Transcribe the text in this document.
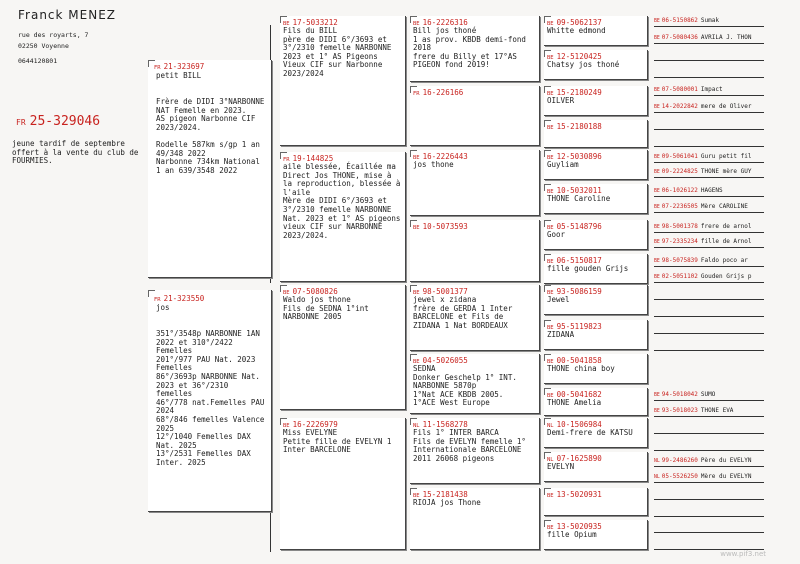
Franck MENEZ
rue des royarts, 7
02250 Voyenne
0644120801
FR 25-329046
jeune tardif de septembre
offert à la vente du club de
FOURMIES.
FR 21-323697
petit BILL
Frère de DIDI 3°NARBONNE
NAT Femelle en 2023.
AS pigeon Narbonne CIF
2023/2024.

Rodelle 587km s/gp 1 an
49/348 2022
Narbonne 734km National
1 an 639/3548 2022
FR 21-323550
jos
351°/3548p NARBONNE 1AN
2022 et 310°/2422
Femelles
201°/977 PAU Nat. 2023
Femelles
86°/3693p NARBONNE Nat.
2023 et 36°/2310
femelles
46°/778 nat.Femelles PAU
2024
68°/846 femelles Valence
2025
12°/1040 Femelles DAX
Nat. 2025
13°/2531 Femelles DAX
Inter. 2025
BE 17-5033212
Fils du BILL
père de DIDI 6°/3693 et
3°/2310 femelle NARBONNE
2023 et 1° AS Pigeons
Vieux CIF sur Narbonne
2023/2024
FR 19-144825
aile blessée, Écaillée ma
Direct Jos THONE, mise à
la reproduction, blessée à
l'aile
Mère de DIDI 6°/3693 et
3°/2310 femelle NARBONNE
Nat. 2023 et 1° AS pigeons
vieux CIF sur NARBONNE
2023/2024.
BE 07-5080826
Waldo jos thone
Fils de SEDNA 1°int
NARBONNE 2005
BE 16-2226979
Miss EVELYNE
Petite fille de EVELYN 1
Inter BARCELONE
BE 16-2226316
Bill jos thoné
1 as prov. KBDB demi-fond
2018
frere du Billy et 17°AS
PIGEON fond 2019!
FR 16-226166
BE 16-2226443
jos thone
BE 10-5073593
BE 98-5001377
jewel x zidana
frère de GERDA 1 Inter
BARCELONE et Fils de
ZIDANA 1 Nat BORDEAUX
BE 04-5026055
SEDNA
Donker Geschelp 1° INT.
NARBONNE 5870p
1°Nat ACE KBDB 2005.
1°ACE West Europe
NL 11-1568278
Fils 1° INTER BARCA
Fils de EVELYN femelle 1°
Internationale BARCELONE
2011 26068 pigeons
BE 15-2181438
RIOJA jos Thone
BE 09-5062137
Whitte edmond
BE 12-5120425
Chatsy jos thoné
BE 15-2180249
OILVER
BE 15-2180188
BE 12-5030896
Guyliam
BE 10-5032011
THONE Caroline
BE 05-5148796
Goor
BE 06-5150817
fille gouden Grijs
BE 93-5086159
Jewel
BE 95-5119823
ZIDANA
BE 00-5041858
THONE china boy
BE 00-5041682
THONE Amelia
NL 10-1506984
Demi-frere de KATSU
NL 07-1625890
EVELYN
BE 13-5020931
BE 13-5020935
fille Opium
BE 06-5150862 Sumak
BE 07-5080436 AVRILA J. THON
BE 07-5080001 Impact
BE 14-2022842 mere de Oliver
BE 09-5061041 Guru petit fil
BE 09-2224825 THONE mère GUY
BE 06-1026122 HAGENS
BE 07-2236505 Mère CAROLINE
BE 98-5001378 frere de arnol
BE 97-2335234 fille de Arnol
BE 98-5075839 Faldo poco ar
BE 02-5051102 Gouden Grijs p
BE 94-5018042 SUMO
BE 93-5018023 THONE EVA
NL 99-2486260 Père du EVELYN
NL 05-5526250 Mère du EVELYN
www.pif3.net
